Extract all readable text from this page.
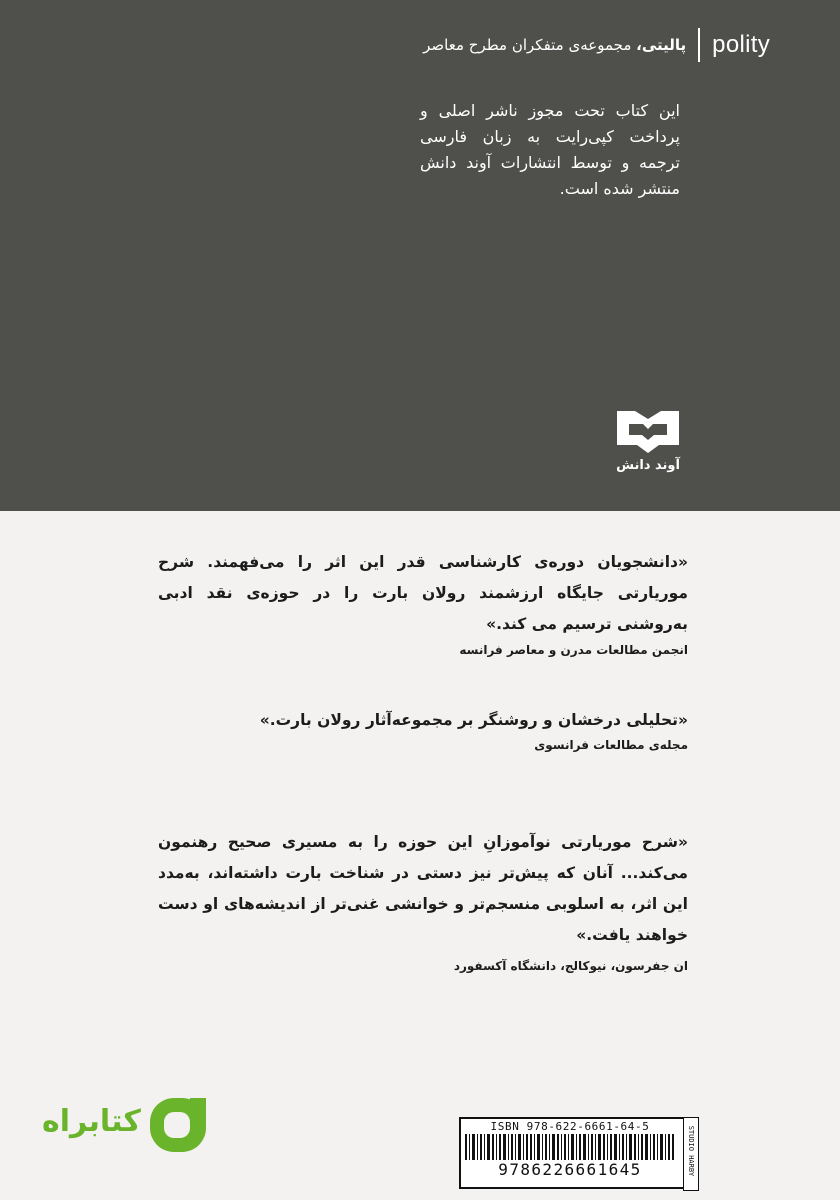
polity
پالیتی، مجموعه‌ی متفکران مطرح معاصر
این کتاب تحت مجوز ناشر اصلی و پرداخت کپی‌رایت به زبان فارسی ترجمه و توسط انتشارات آوند دانش منتشر شده است.
آوند دانش
«دانشجویان دوره‌ی کارشناسی قدر این اثر را می‌فهمند. شرح موریارتی جایگاه ارزشمند رولان بارت را در حوزه‌ی نقد ادبی به‌روشنی ترسیم می کند.»
انجمن مطالعات مدرن و معاصر فرانسه
«تحلیلی درخشان و روشنگر بر مجموعه‌آثار رولان بارت.»
مجله‌ی مطالعات فرانسوی
«شرح موریارتی نوآموزانِ این حوزه را به مسیری صحیح رهنمون می‌کند... آنان که پیش‌تر نیز دستی در شناخت بارت داشته‌اند، به‌مدد این اثر، به اسلوبی منسجم‌تر و خوانشی غنی‌تر از اندیشه‌های او دست خواهند یافت.»
ان جفرسون، نیوکالج، دانشگاه آکسفورد
کتابراه	ISBN 978-622-6661-64-5
9786226661645	STUDIO HARBY
